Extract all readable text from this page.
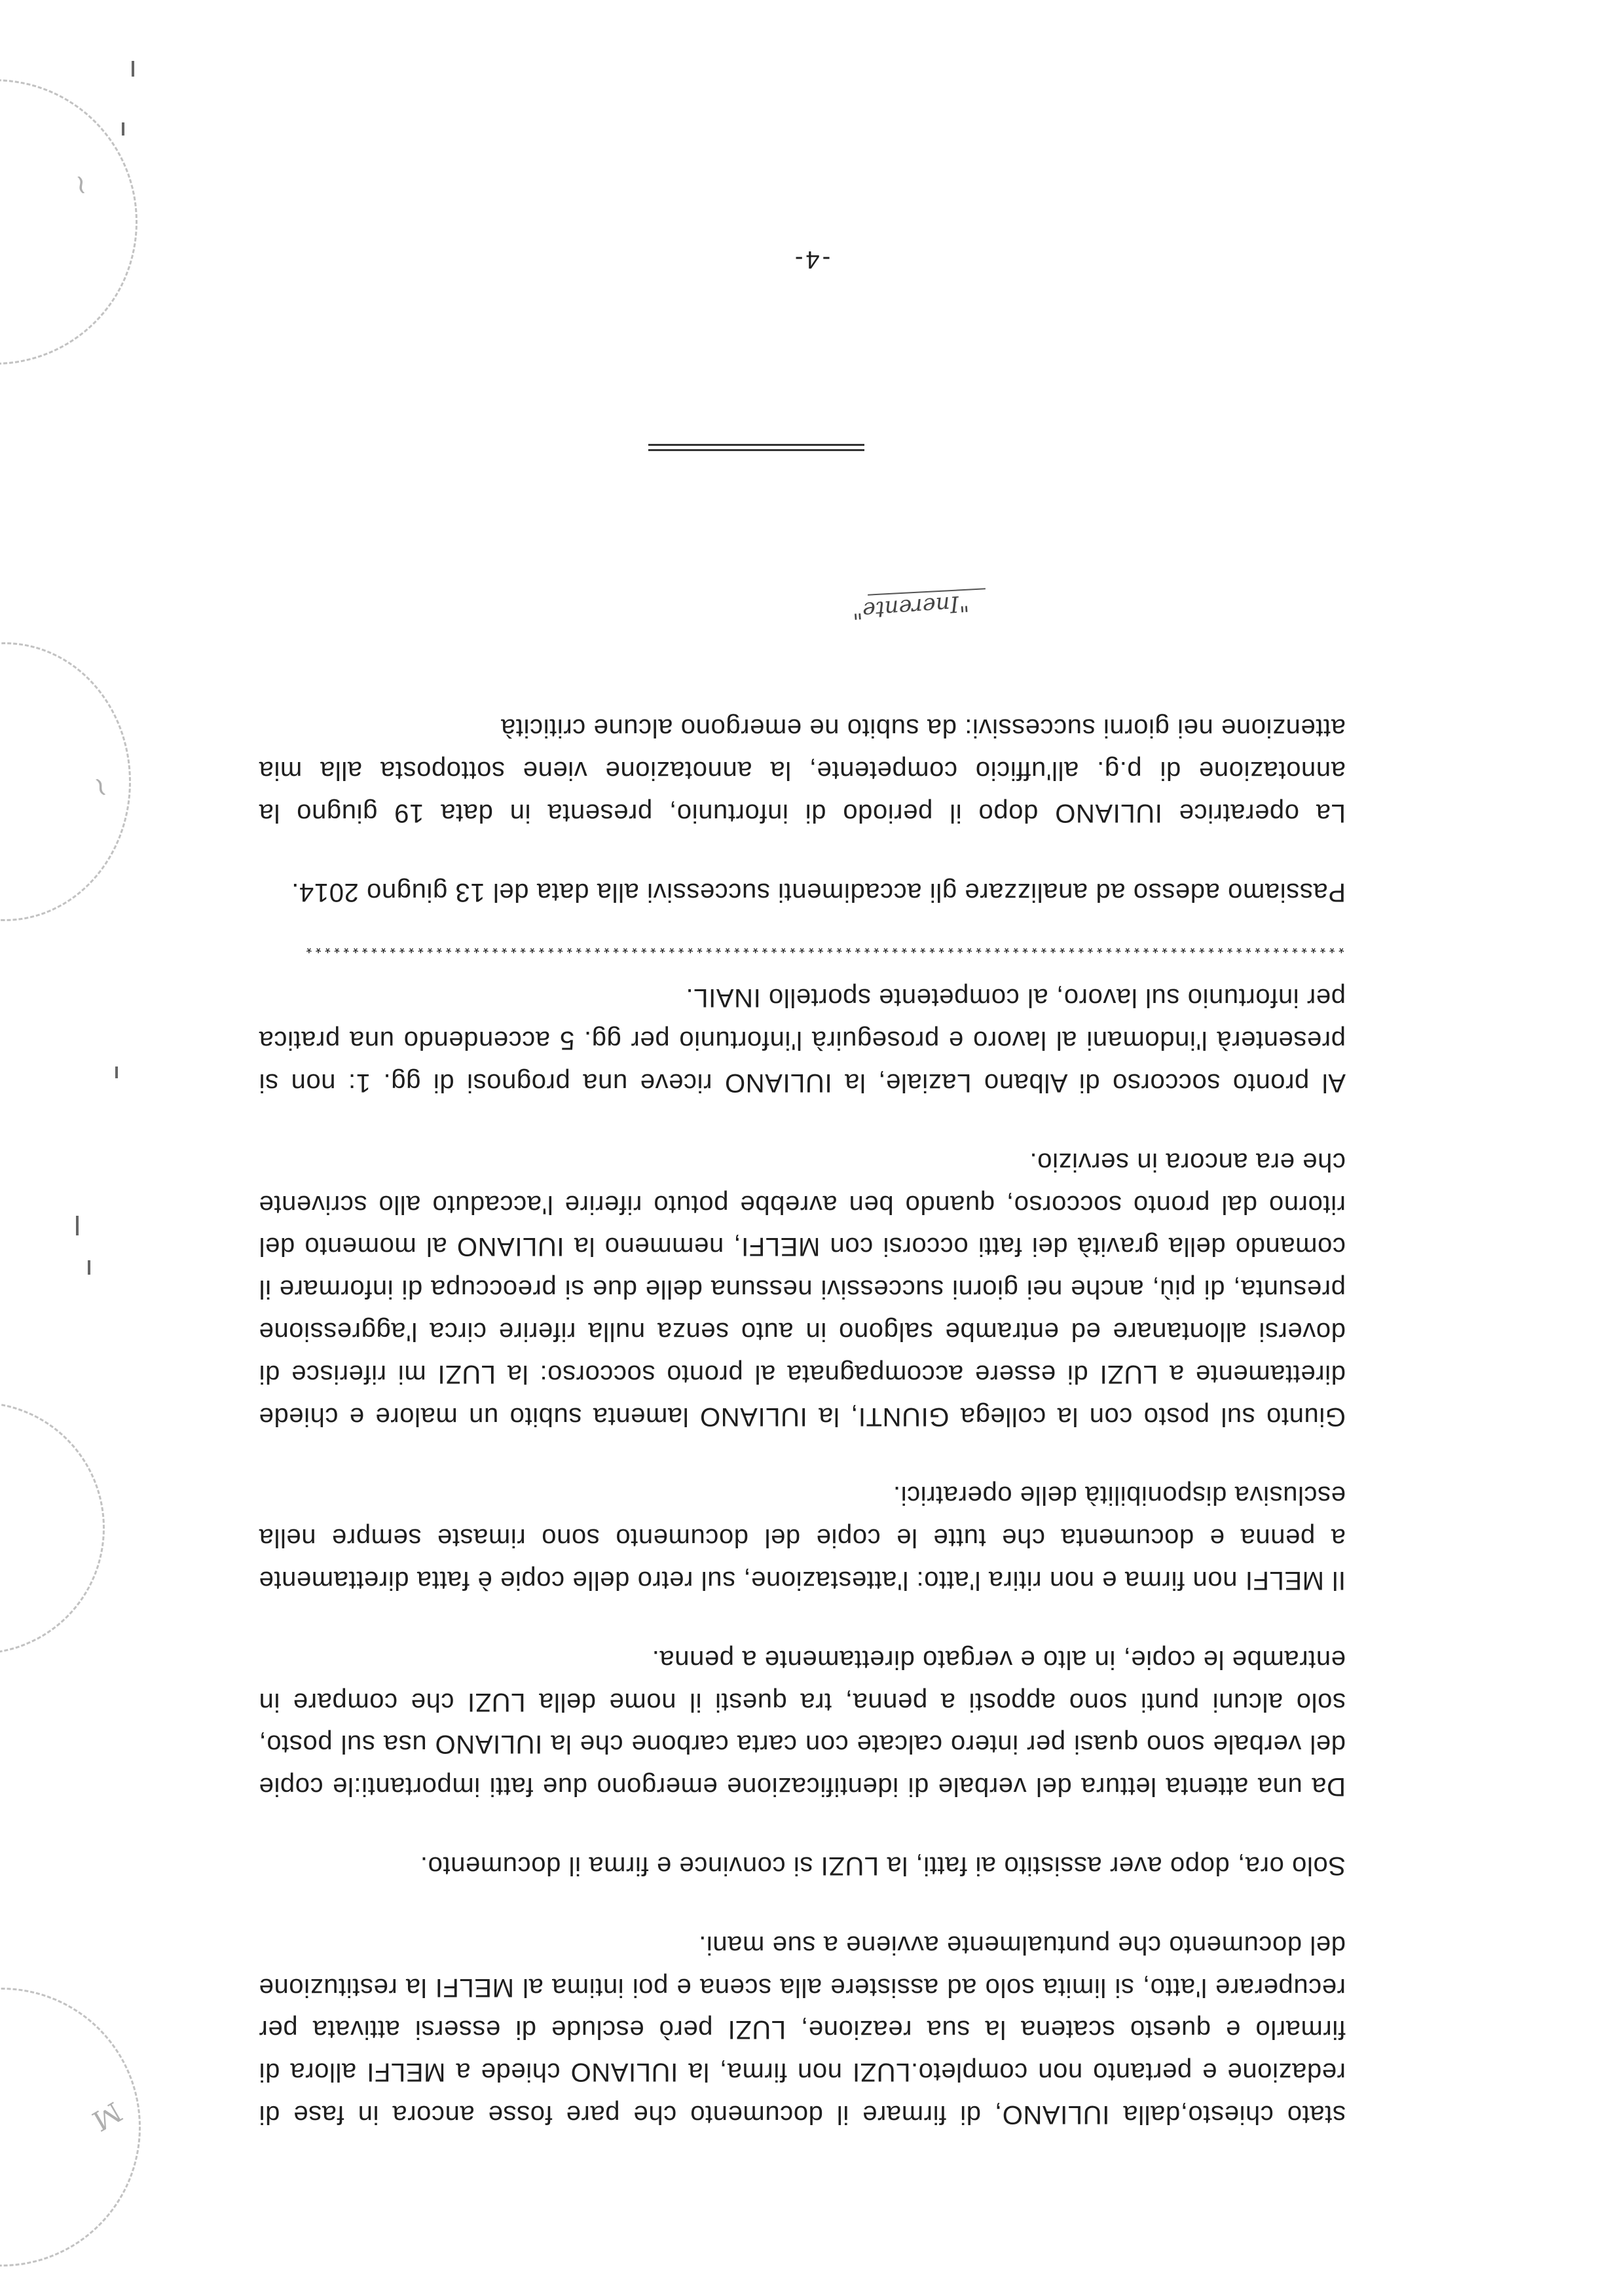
M
~
~

stato chiesto,dalla IULIANO, di firmare il documento che pare fosse ancora in fase di redazione e pertanto non completo.LUZI non firma, la IULIANO chiede a MELFI allora di firmarlo e questo scatena la sua reazione, LUZI però esclude di essersi attivata per recuperare l'atto, si limita solo ad assistere alla scena e poi intima al MELFI la restituzione del documento che puntualmente avviene a sue mani.

Solo ora, dopo aver assistito ai fatti, la LUZI si convince e firma il documento.

Da una attenta lettura del verbale di identificazione emergono due fatti importanti:le copie del verbale sono quasi per intero calcate con carta carbone che la IULIANO usa sul posto, solo alcuni punti sono apposti a penna, tra questi il nome della LUZI che compare in entrambe le copie, in alto e vergato direttamente a penna.

Il MELFI non firma e non ritira l'atto: l'attestazione, sul retro delle copie è fatta direttamente a penna e documenta che tutte le copie del documento sono rimaste sempre nella esclusiva disponibilità delle operatrici.

Giunto sul posto con la collega GIUNTI, la IULIANO lamenta subito un malore e chiede direttamente a LUZI di essere accompagnata al pronto soccorso: la LUZI mi riferisce di doversi allontanare ed entrambe salgono in auto senza nulla riferire circa l'aggressione presunta, di più, anche nei giorni successivi nessuna delle due si preoccupa di informare il comando della gravità dei fatti occorsi con MELFI, nemmeno la IULIANO al momento del ritorno dal pronto soccorso, quando ben avrebbe potuto riferire l'accaduto allo scrivente che era ancora in servizio.

Al pronto soccorso di Albano Laziale, la IULIANO riceve una prognosi di gg. 1: non si presenterà l'indomani al lavoro e proseguirà l'infortunio per gg. 5 accendendo una pratica per infortunio sul lavoro, al competente sportello INAIL.

****************************************************************************************************************

Passiamo adesso ad analizzare gli accadimenti successivi alla data del 13 giugno 2014.

La operatrice IULIANO dopo il periodo di infortunio, presenta in data 19 giugno la annotazione di p.g. all'ufficio competente, la annotazione viene sottoposta alla mia attenzione nei giorni successivi: da subito ne emergono alcune criticità

"Inerente"
-4-
